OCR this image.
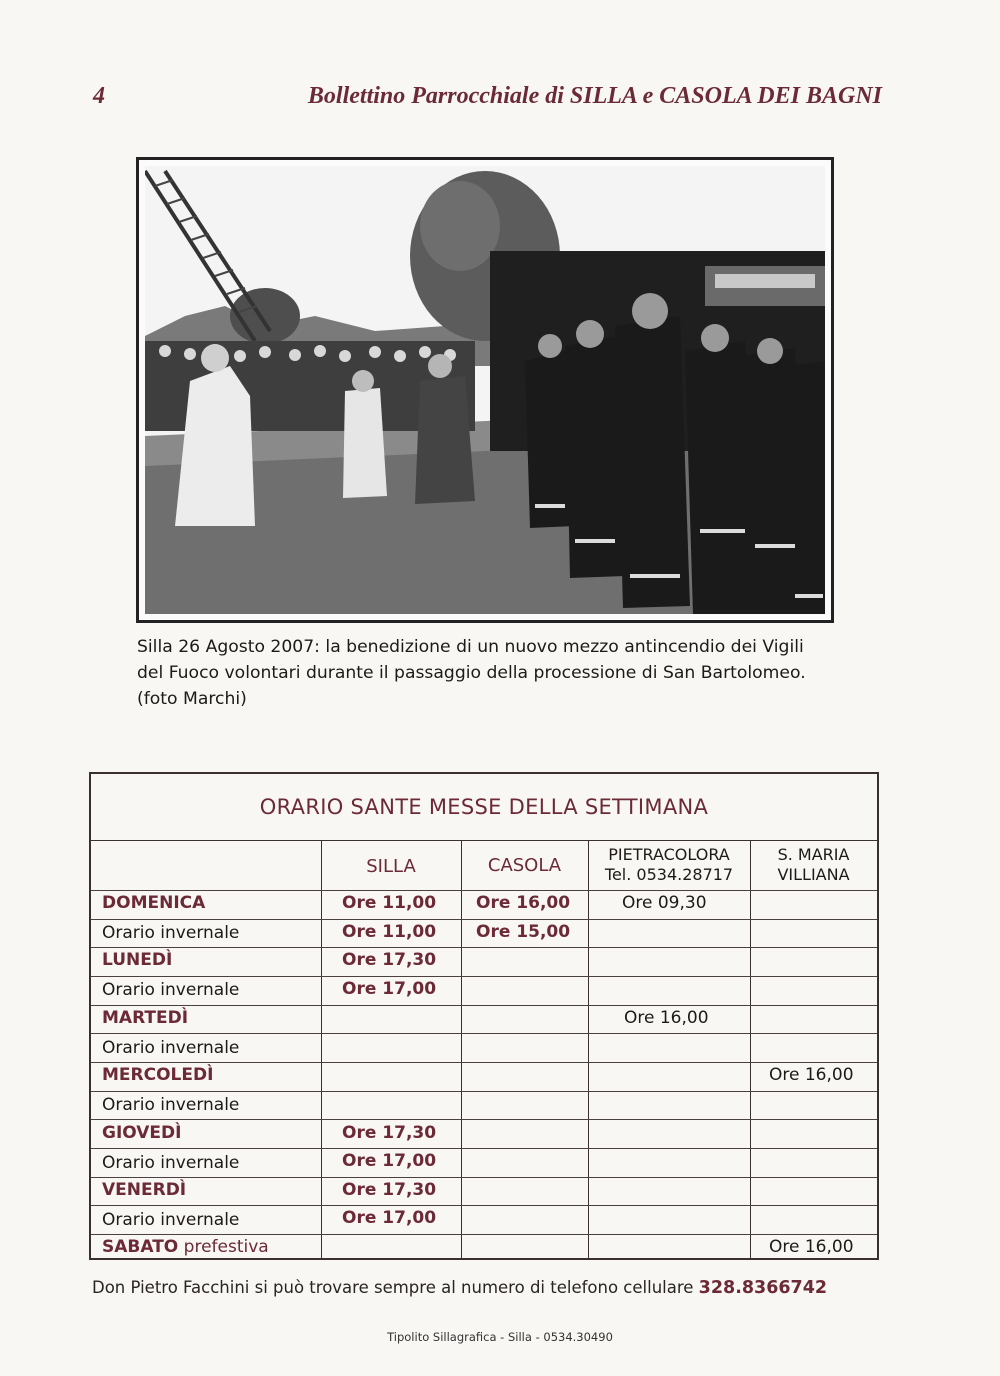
4	Bollettino Parrocchiale di SILLA e CASOLA DEI BAGNI
Silla 26 Agosto 2007: la benedizione di un nuovo mezzo antincendio dei Vigili
del Fuoco volontari durante il passaggio della processione di San Bartolomeo.
(foto Marchi)
ORARIO SANTE MESSE DELLA SETTIMANA
SILLA	CASOLA
PIETRACOLORA
Tel. 0534.28717
S. MARIA
VILLIANA
DOMENICA
Orario invernale
LUNEDÌ
Orario invernale
MARTEDÌ
Orario invernale
MERCOLEDÌ
Orario invernale
GIOVEDÌ
Orario invernale
VENERDÌ
Orario invernale
SABATO prefestiva
Ore 11,00
Ore 11,00
Ore 17,30
Ore 17,00
Ore 17,30
Ore 17,00
Ore 17,30
Ore 17,00
Ore 16,00
Ore 15,00
Ore 09,30
Ore 16,00
Ore 16,00
Ore 16,00
Don Pietro Facchini si può trovare sempre al numero di telefono cellulare 328.8366742
Tipolito Sillagrafica - Silla - 0534.30490
